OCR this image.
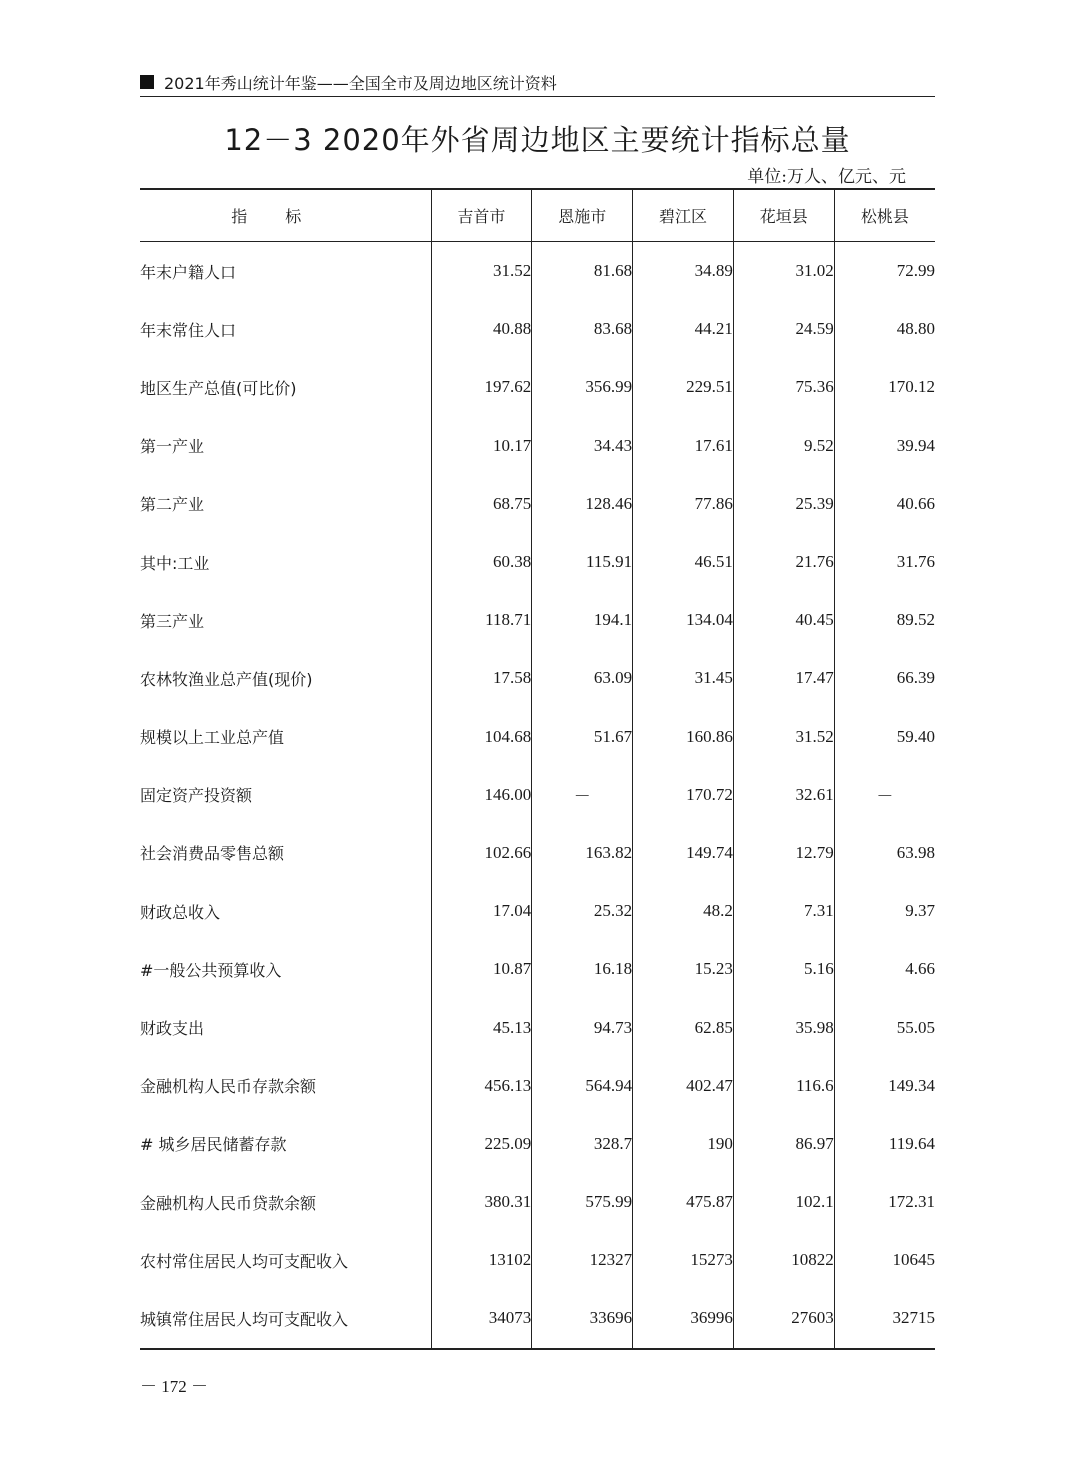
2021年秀山统计年鉴——全国全市及周边地区统计资料
12－3 2020年外省周边地区主要统计指标总量
单位:万人、亿元、元
指标	吉首市	恩施市	碧江区	花垣县	松桃县
年末户籍人口	31.52	81.68	34.89	31.02	72.99
年末常住人口	40.88	83.68	44.21	24.59	48.80
地区生产总值(可比价)	197.62	356.99	229.51	75.36	170.12
第一产业	10.17	34.43	17.61	9.52	39.94
第二产业	68.75	128.46	77.86	25.39	40.66
其中:工业	60.38	115.91	46.51	21.76	31.76
第三产业	118.71	194.1	134.04	40.45	89.52
农林牧渔业总产值(现价)	17.58	63.09	31.45	17.47	66.39
规模以上工业总产值	104.68	51.67	160.86	31.52	59.40
固定资产投资额	146.00	－	170.72	32.61	－
社会消费品零售总额	102.66	163.82	149.74	12.79	63.98
财政总收入	17.04	25.32	48.2	7.31	9.37
#一般公共预算收入	10.87	16.18	15.23	5.16	4.66
财政支出	45.13	94.73	62.85	35.98	55.05
金融机构人民币存款余额	456.13	564.94	402.47	116.6	149.34
# 城乡居民储蓄存款	225.09	328.7	190	86.97	119.64
金融机构人民币贷款余额	380.31	575.99	475.87	102.1	172.31
农村常住居民人均可支配收入	13102	12327	15273	10822	10645
城镇常住居民人均可支配收入	34073	33696	36996	27603	32715
－ 172 －
